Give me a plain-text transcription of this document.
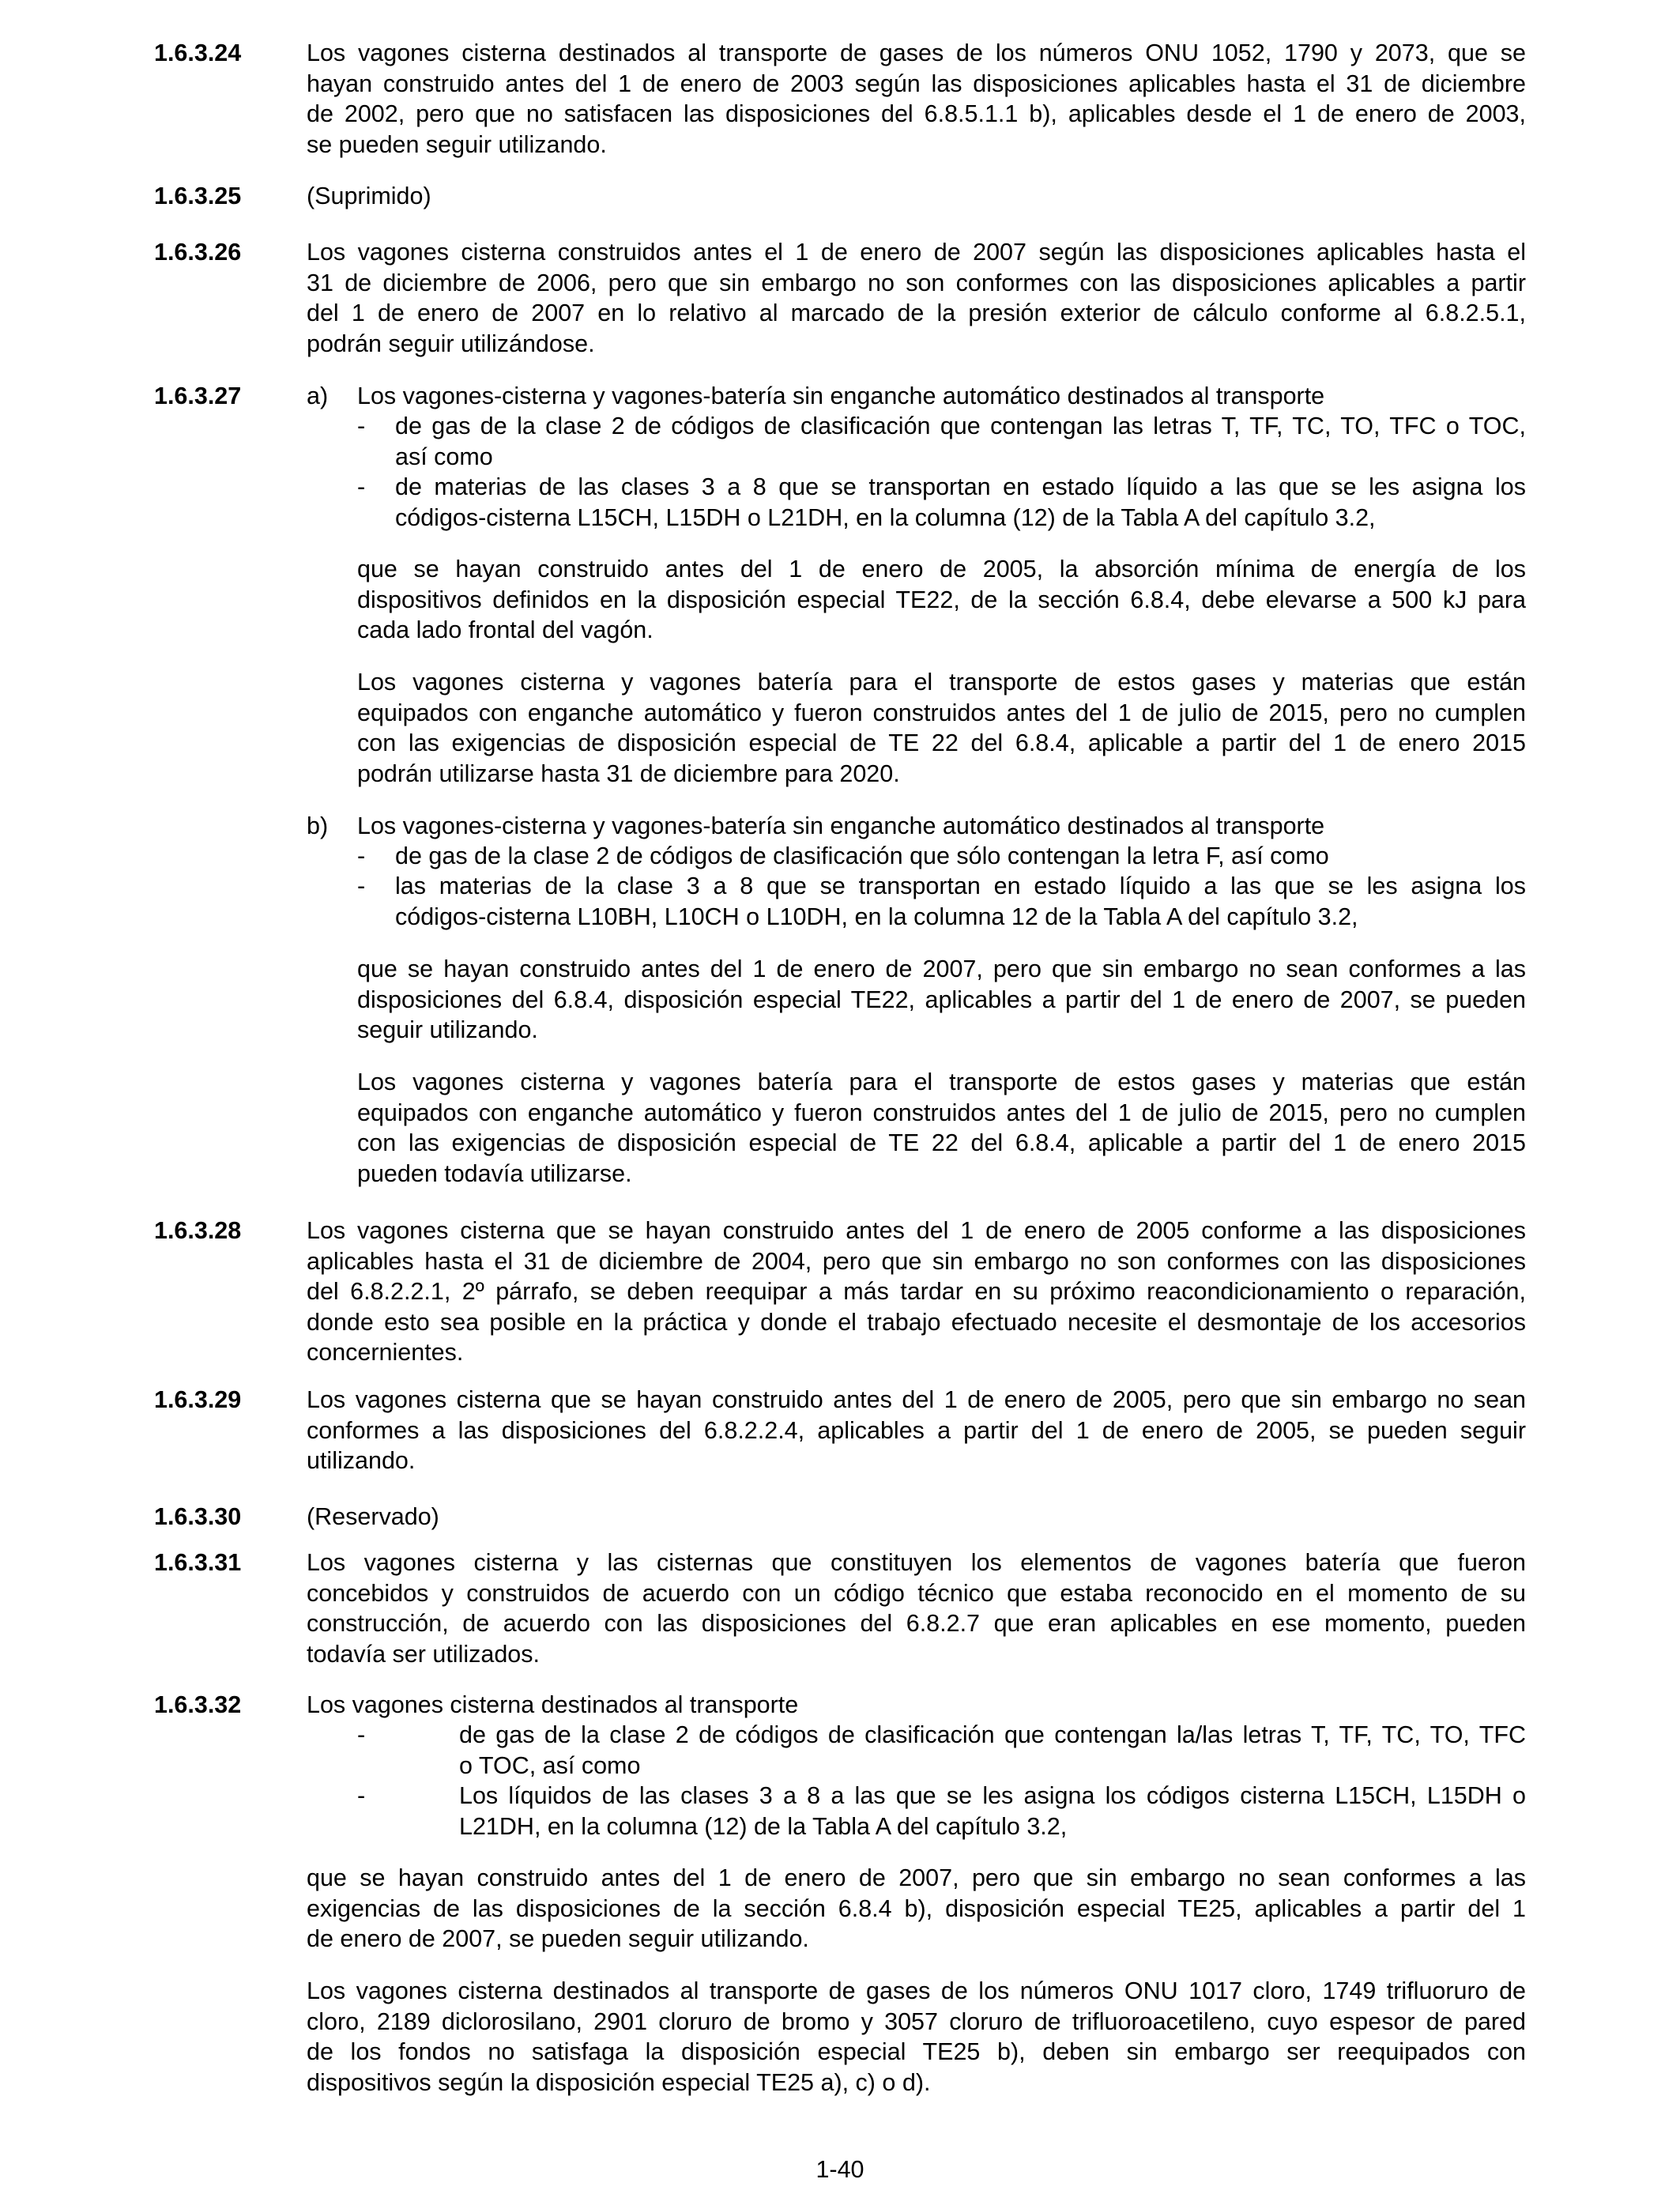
1.6.3.24	Los vagones cisterna destinados al transporte de gases de los números ONU 1052, 1790 y 2073, que se
hayan construido antes del 1 de enero de 2003 según las disposiciones aplicables hasta el 31 de diciembre
de 2002, pero que no satisfacen las disposiciones del 6.8.5.1.1 b), aplicables desde el 1 de enero de 2003,
se pueden seguir utilizando.
1.6.3.25	(Suprimido)
1.6.3.26	Los vagones cisterna construidos antes el 1 de enero de 2007 según las disposiciones aplicables hasta el
31 de diciembre de 2006, pero que sin embargo no son conformes con las disposiciones aplicables a partir
del 1 de enero de 2007 en lo relativo al marcado de la presión exterior de cálculo conforme al 6.8.2.5.1,
podrán seguir utilizándose.
1.6.3.27	a) Los vagones-cisterna y vagones-batería sin enganche automático destinados al transporte
- de gas de la clase 2 de códigos de clasificación que contengan las letras T, TF, TC, TO, TFC o TOC,
así como
- de materias de las clases 3 a 8 que se transportan en estado líquido a las que se les asigna los
códigos-cisterna L15CH, L15DH o L21DH, en la columna (12) de la Tabla A del capítulo 3.2,
que se hayan construido antes del 1 de enero de 2005, la absorción mínima de energía de los
dispositivos definidos en la disposición especial TE22, de la sección 6.8.4, debe elevarse a 500 kJ para
cada lado frontal del vagón.
Los vagones cisterna y vagones batería para el transporte de estos gases y materias que están
equipados con enganche automático y fueron construidos antes del 1 de julio de 2015, pero no cumplen
con las exigencias de disposición especial de TE 22 del 6.8.4, aplicable a partir del 1 de enero 2015
podrán utilizarse hasta 31 de diciembre para 2020.
b) Los vagones-cisterna y vagones-batería sin enganche automático destinados al transporte
- de gas de la clase 2 de códigos de clasificación que sólo contengan la letra F, así como
- las materias de la clase 3 a 8 que se transportan en estado líquido a las que se les asigna los
códigos-cisterna L10BH, L10CH o L10DH, en la columna 12 de la Tabla A del capítulo 3.2,
que se hayan construido antes del 1 de enero de 2007, pero que sin embargo no sean conformes a las
disposiciones del 6.8.4, disposición especial TE22, aplicables a partir del 1 de enero de 2007, se pueden
seguir utilizando.
Los vagones cisterna y vagones batería para el transporte de estos gases y materias que están
equipados con enganche automático y fueron construidos antes del 1 de julio de 2015, pero no cumplen
con las exigencias de disposición especial de TE 22 del 6.8.4, aplicable a partir del 1 de enero 2015
pueden todavía utilizarse.
1.6.3.28	Los vagones cisterna que se hayan construido antes del 1 de enero de 2005 conforme a las disposiciones
aplicables hasta el 31 de diciembre de 2004, pero que sin embargo no son conformes con las disposiciones
del 6.8.2.2.1, 2º párrafo, se deben reequipar a más tardar en su próximo reacondicionamiento o reparación,
donde esto sea posible en la práctica y donde el trabajo efectuado necesite el desmontaje de los accesorios
concernientes.
1.6.3.29	Los vagones cisterna que se hayan construido antes del 1 de enero de 2005, pero que sin embargo no sean
conformes a las disposiciones del 6.8.2.2.4, aplicables a partir del 1 de enero de 2005, se pueden seguir
utilizando.
1.6.3.30	(Reservado)
1.6.3.31	Los vagones cisterna y las cisternas que constituyen los elementos de vagones batería que fueron
concebidos y construidos de acuerdo con un código técnico que estaba reconocido en el momento de su
construcción, de acuerdo con las disposiciones del 6.8.2.7 que eran aplicables en ese momento, pueden
todavía ser utilizados.
1.6.3.32	Los vagones cisterna destinados al transporte
-	de gas de la clase 2 de códigos de clasificación que contengan la/las letras T, TF, TC, TO, TFC
o TOC, así como
-	Los líquidos de las clases 3 a 8 a las que se les asigna los códigos cisterna L15CH, L15DH o
L21DH, en la columna (12) de la Tabla A del capítulo 3.2,
que se hayan construido antes del 1 de enero de 2007, pero que sin embargo no sean conformes a las
exigencias de las disposiciones de la sección 6.8.4 b), disposición especial TE25, aplicables a partir del 1
de enero de 2007, se pueden seguir utilizando.
Los vagones cisterna destinados al transporte de gases de los números ONU 1017 cloro, 1749 trifluoruro de
cloro, 2189 diclorosilano, 2901 cloruro de bromo y 3057 cloruro de trifluoroacetileno, cuyo espesor de pared
de los fondos no satisfaga la disposición especial TE25 b), deben sin embargo ser reequipados con
dispositivos según la disposición especial TE25 a), c) o d).
1-40
